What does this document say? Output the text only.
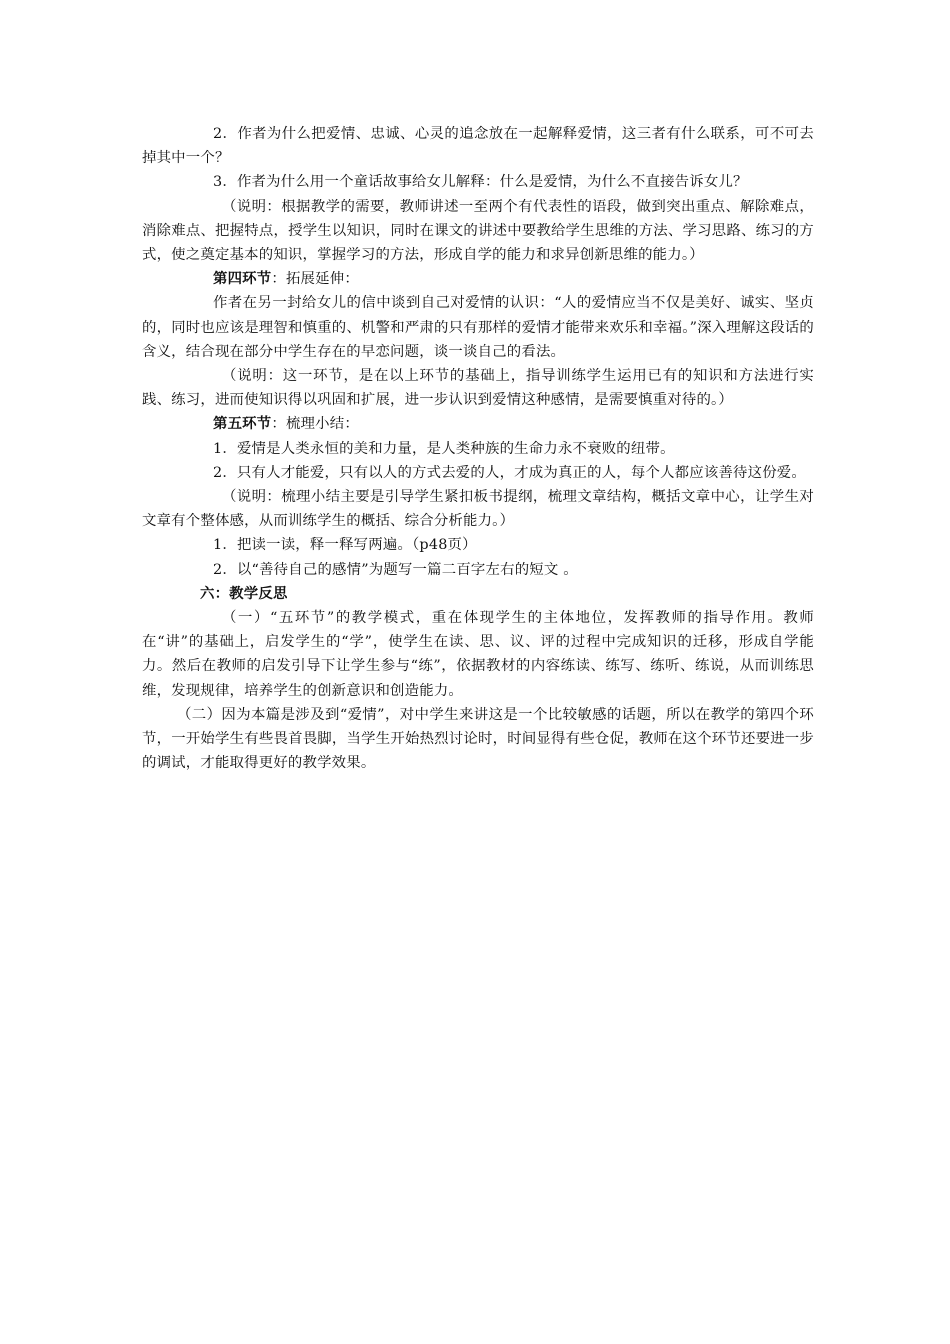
2．作者为什么把爱情、忠诚、心灵的追念放在一起解释爱情，这三者有什么联系，可不可去掉其中一个？

3．作者为什么用一个童话故事给女儿解释：什么是爱情，为什么不直接告诉女儿？

（说明：根据教学的需要，教师讲述一至两个有代表性的语段，做到突出重点、解除难点，消除难点、把握特点，授学生以知识，同时在课文的讲述中要教给学生思维的方法、学习思路、练习的方式，使之奠定基本的知识，掌握学习的方法，形成自学的能力和求异创新思维的能力。）

第四环节：拓展延伸：

作者在另一封给女儿的信中谈到自己对爱情的认识：“人的爱情应当不仅是美好、诚实、坚贞的，同时也应该是理智和慎重的、机警和严肃的只有那样的爱情才能带来欢乐和幸福。”深入理解这段话的含义，结合现在部分中学生存在的早恋问题，谈一谈自己的看法。

（说明：这一环节，是在以上环节的基础上，指导训练学生运用已有的知识和方法进行实践、练习，进而使知识得以巩固和扩展，进一步认识到爱情这种感情，是需要慎重对待的。）

第五环节：梳理小结：

1．爱情是人类永恒的美和力量，是人类种族的生命力永不衰败的纽带。

2．只有人才能爱，只有以人的方式去爱的人，才成为真正的人，每个人都应该善待这份爱。

（说明：梳理小结主要是引导学生紧扣板书提纲，梳理文章结构，概括文章中心，让学生对文章有个整体感，从而训练学生的概括、综合分析能力。）

1．把读一读，释一释写两遍。（p48页）

2．以“善待自己的感情”为题写一篇二百字左右的短文 。

六：教学反思

（一）“五环节”的教学模式，重在体现学生的主体地位，发挥教师的指导作用。教师在“讲”的基础上，启发学生的“学”，使学生在读、思、议、评的过程中完成知识的迁移，形成自学能力。然后在教师的启发引导下让学生参与“练”，依据教材的内容练读、练写、练听、练说，从而训练思维，发现规律，培养学生的创新意识和创造能力。

（二）因为本篇是涉及到“爱情”，对中学生来讲这是一个比较敏感的话题，所以在教学的第四个环节，一开始学生有些畏首畏脚，当学生开始热烈讨论时，时间显得有些仓促，教师在这个环节还要进一步的调试，才能取得更好的教学效果。
